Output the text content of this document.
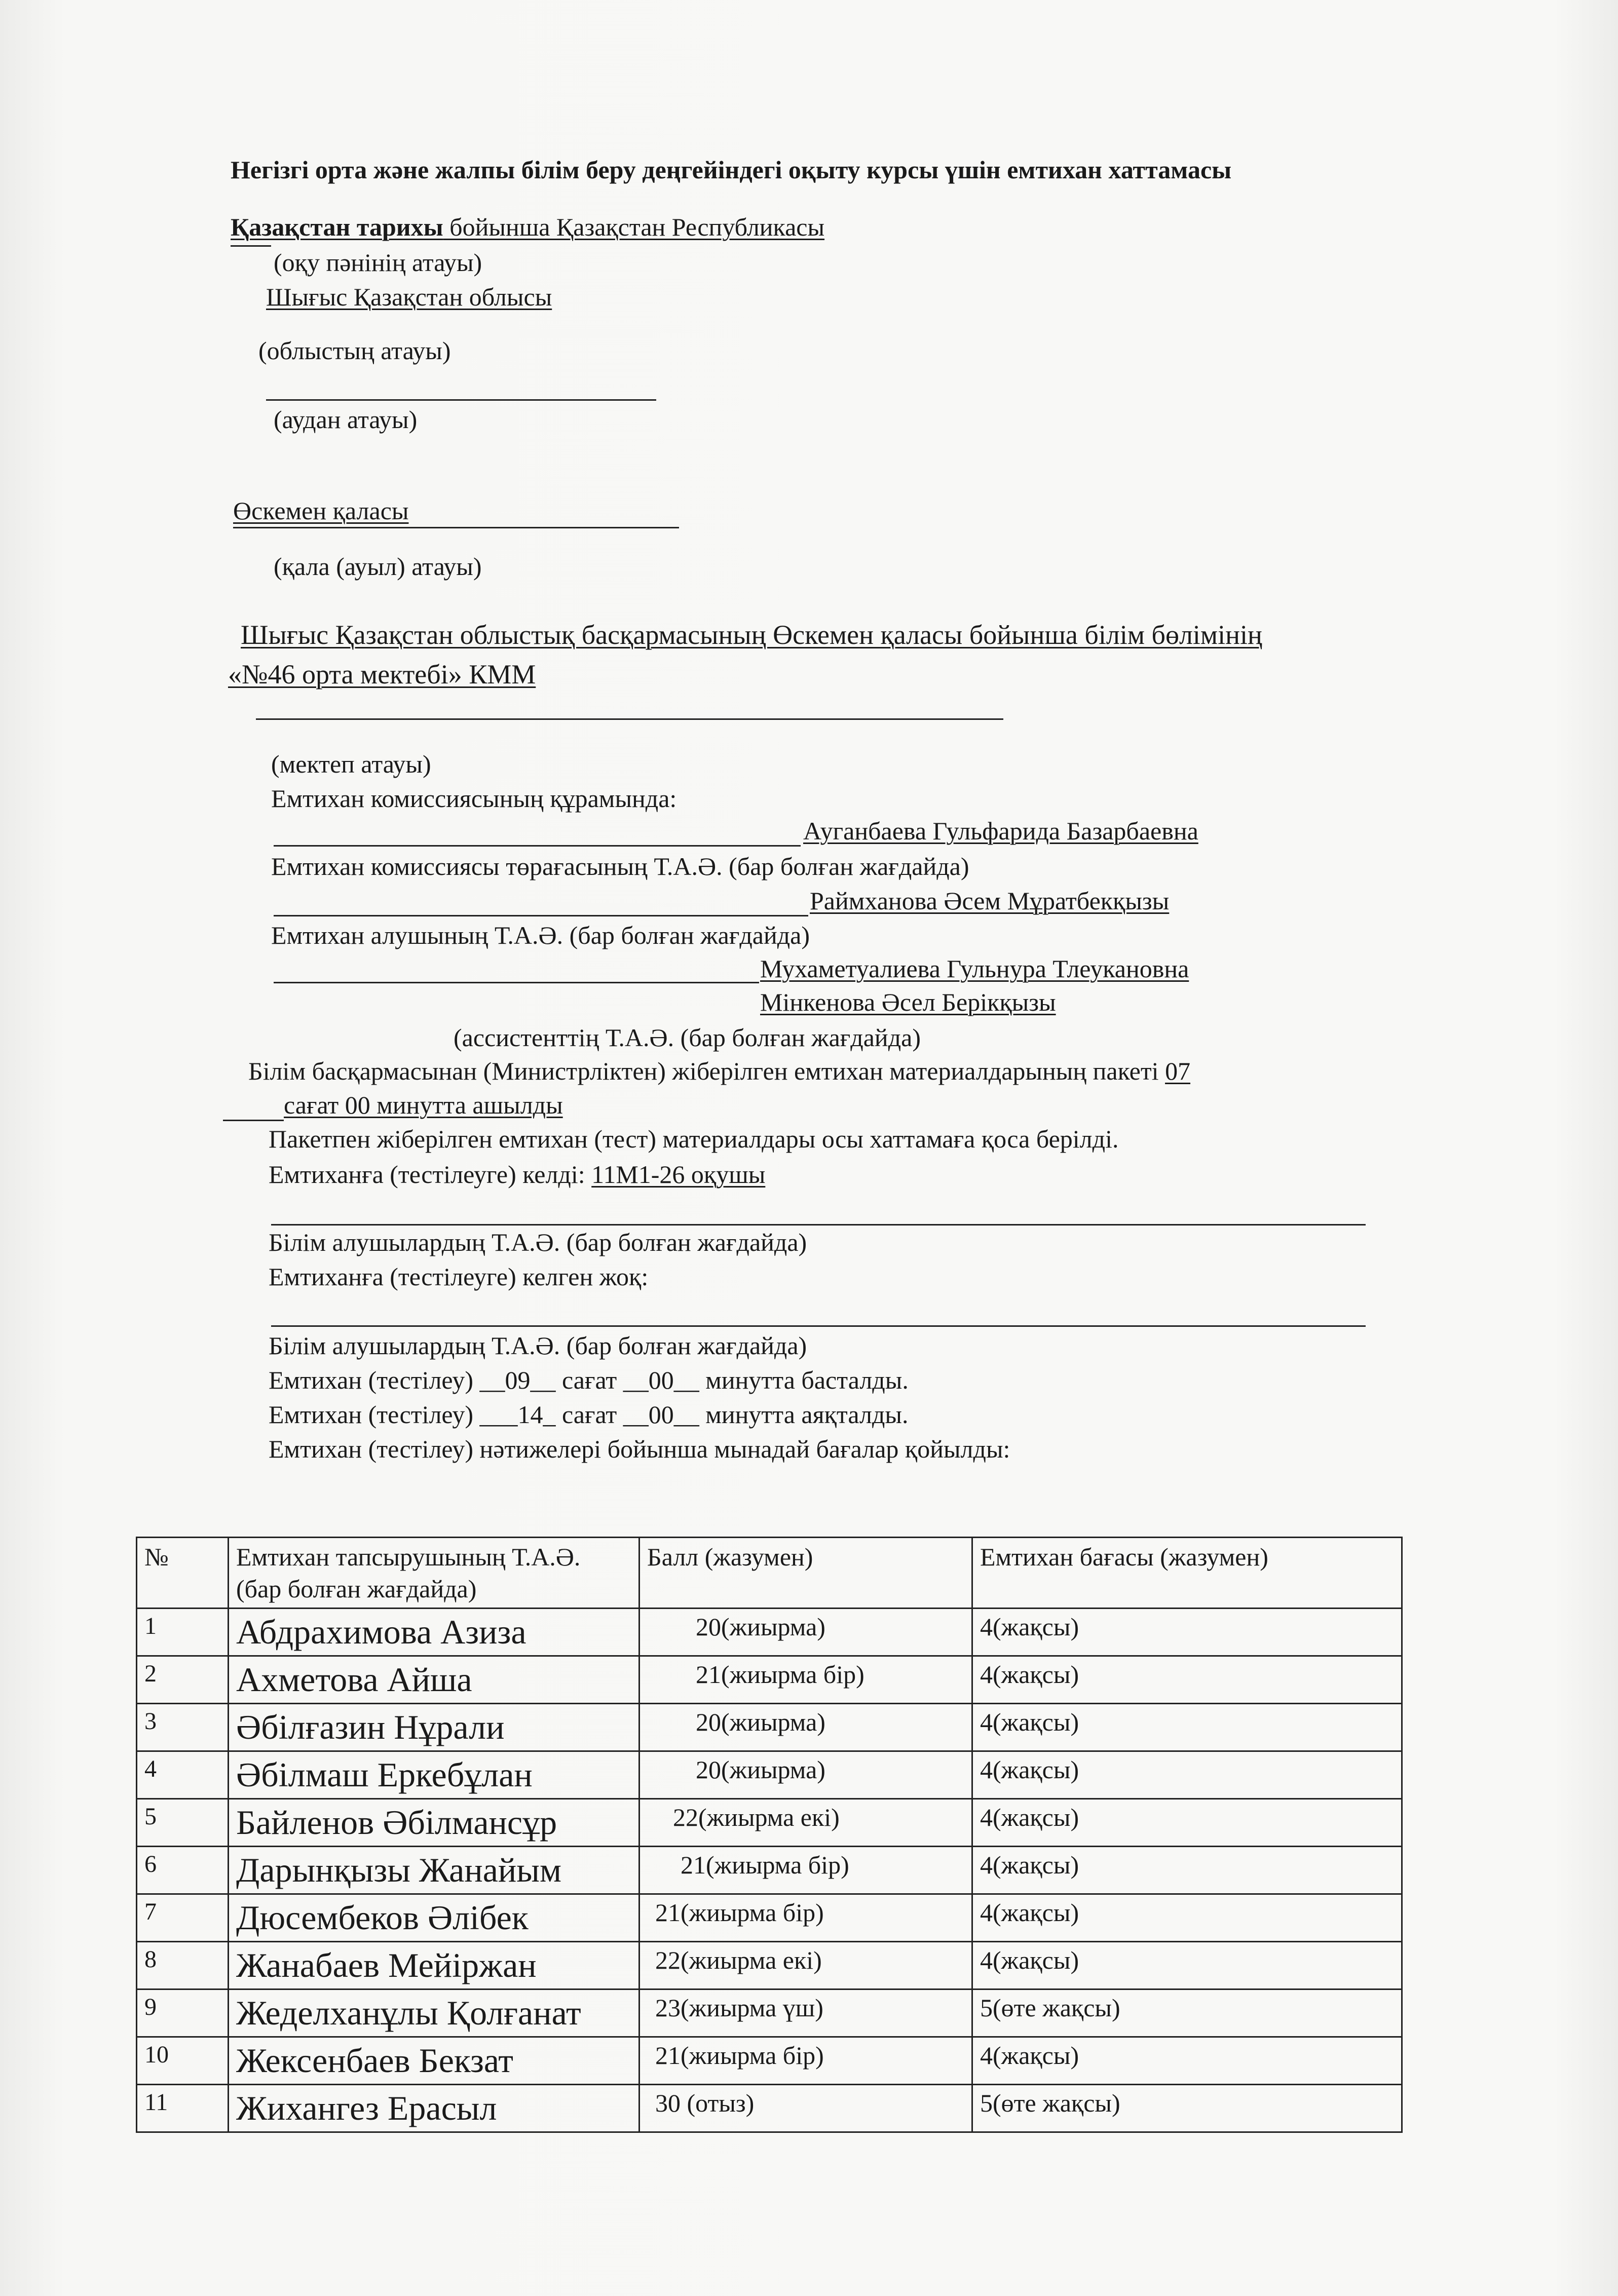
Негізгі орта және жалпы білім беру деңгейіндегі оқыту курсы үшін емтихан хаттамасы
Қазақстан тарихы бойынша Қазақстан Республикасы
(оқу пәнінің атауы)
Шығыс Қазақстан облысы
(облыстың атауы)
(аудан атауы)
Өскемен қаласы
(қала (ауыл) атауы)
Шығыс Қазақстан облыстық басқармасының Өскемен қаласы бойынша білім бөлімінің
«№46 орта мектебі» КММ
(мектеп атауы)
Емтихан комиссиясының құрамында:
Ауганбаева Гульфарида Базарбаевна
Емтихан комиссиясы төрағасының Т.А.Ә. (бар болған жағдайда)
Раймханова Әсем Мұратбекқызы
Емтихан алушының Т.А.Ә. (бар болған жағдайда)
Мухаметуалиева Гульнура Тлеукановна
Мінкенова Әсел Берікқызы
(ассистенттің Т.А.Ә. (бар болған жағдайда)
Білім басқармасынан (Министрліктен) жіберілген емтихан материалдарының пакеті 07
сағат 00 минутта ашылды
Пакетпен жіберілген емтихан (тест) материалдары осы хаттамаға қоса берілді.
Емтиханға (тестілеуге) келді: 11М1-26 оқушы
Білім алушылардың Т.А.Ә. (бар болған жағдайда)
Емтиханға (тестілеуге) келген жоқ:
Білім алушылардың Т.А.Ә. (бар болған жағдайда)
Емтихан (тестілеу) __09__ сағат __00__ минутта басталды.
Емтихан (тестілеу) ___14_ сағат __00__ минутта аяқталды.
Емтихан (тестілеу) нәтижелері бойынша мынадай бағалар қойылды:
№	Емтихан тапсырушының Т.А.Ә. (бар болған жағдайда)	Балл (жазумен)	Емтихан бағасы (жазумен)
1	Абдрахимова Азиза	20(жиырма)	4(жақсы)
2	Ахметова Айша	21(жиырма бір)	4(жақсы)
3	Әбілғазин Нұрали	20(жиырма)	4(жақсы)
4	Әбілмаш Еркебұлан	20(жиырма)	4(жақсы)
5	Байленов Әбілмансұр	22(жиырма екі)	4(жақсы)
6	Дарынқызы Жанайым	21(жиырма бір)	4(жақсы)
7	Дюсембеков Әлібек	21(жиырма бір)	4(жақсы)
8	Жанабаев Мейіржан	22(жиырма екі)	4(жақсы)
9	Жеделханұлы Қолғанат	23(жиырма үш)	5(өте жақсы)
10	Жексенбаев Бекзат	21(жиырма бір)	4(жақсы)
11	Жихангез Ерасыл	30 (отыз)	5(өте жақсы)
